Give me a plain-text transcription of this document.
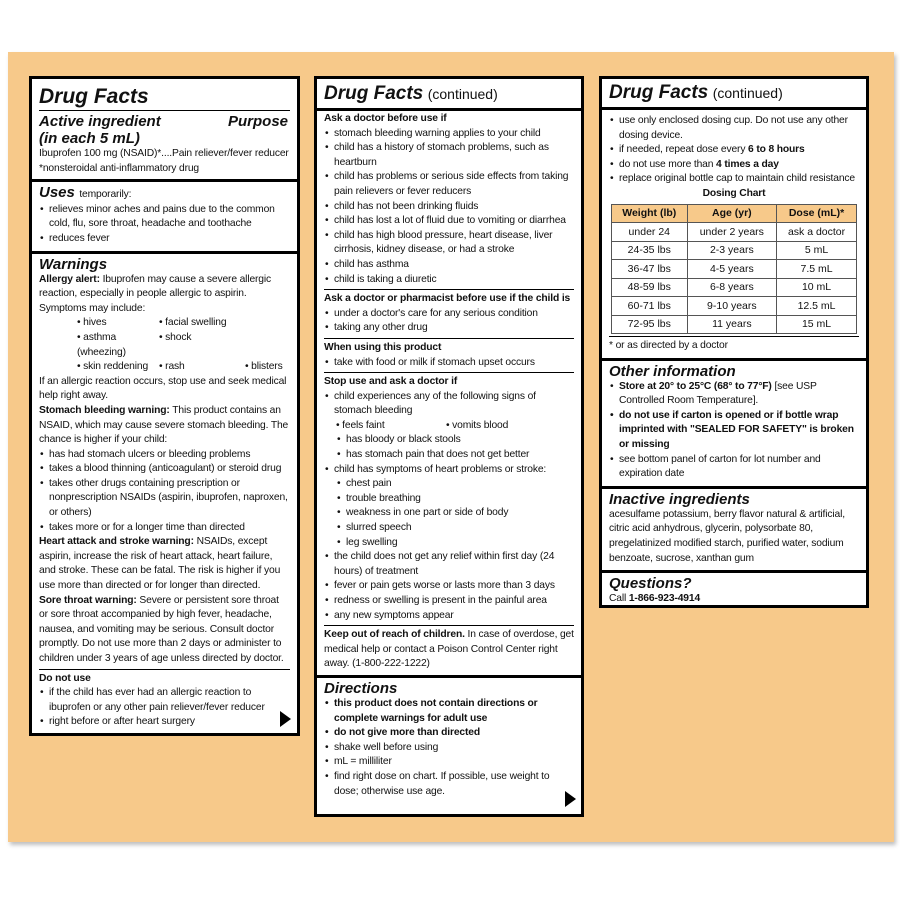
Drug Facts
Active ingredient
(in each 5 mL)
Purpose
Ibuprofen 100 mg (NSAID)*....Pain reliever/fever reducer
*nonsteroidal anti-inflammatory drug
Uses temporarily:
• relieves minor aches and pains due to the common cold, flu, sore throat, headache and toothache
• reduces fever
Warnings
Allergy alert: Ibuprofen may cause a severe allergic reaction, especially in people allergic to aspirin. Symptoms may include:
• hives	• facial swelling
• asthma (wheezing)
• shock
• skin reddening	• rash	• blisters
If an allergic reaction occurs, stop use and seek medical help right away.
Stomach bleeding warning: This product contains an NSAID, which may cause severe stomach bleeding. The chance is higher if your child:
• has had stomach ulcers or bleeding problems
• takes a blood thinning (anticoagulant) or steroid drug
• takes other drugs containing prescription or nonprescription NSAIDs (aspirin, ibuprofen, naproxen, or others)
• takes more or for a longer time than directed
Heart attack and stroke warning: NSAIDs, except aspirin, increase the risk of heart attack, heart failure, and stroke. These can be fatal. The risk is higher if you use more than directed or for longer than directed.
Sore throat warning: Severe or persistent sore throat or sore throat accompanied by high fever, headache, nausea, and vomiting may be serious. Consult doctor promptly. Do not use more than 2 days or administer to children under 3 years of age unless directed by doctor.
Do not use
• if the child has ever had an allergic reaction to ibuprofen or any other pain reliever/fever reducer
• right before or after heart surgery
Drug Facts (continued)
Ask a doctor before use if
• stomach bleeding warning applies to your child
• child has a history of stomach problems, such as heartburn
• child has problems or serious side effects from taking pain relievers or fever reducers
• child has not been drinking fluids
• child has lost a lot of fluid due to vomiting or diarrhea
• child has high blood pressure, heart disease, liver cirrhosis, kidney disease, or had a stroke
• child has asthma
• child is taking a diuretic
Ask a doctor or pharmacist before use if the child is
• under a doctor's care for any serious condition
• taking any other drug
When using this product
• take with food or milk if stomach upset occurs
Stop use and ask a doctor if
• child experiences any of the following signs of stomach bleeding
• feels faint	• vomits blood
• has bloody or black stools
• has stomach pain that does not get better
• child has symptoms of heart problems or stroke:
• chest pain
• trouble breathing
• weakness in one part or side of body
• slurred speech
• leg swelling
• the child does not get any relief within first day (24 hours) of treatment
• fever or pain gets worse or lasts more than 3 days
• redness or swelling is present in the painful area
• any new symptoms appear
Keep out of reach of children. In case of overdose, get medical help or contact a Poison Control Center right away. (1-800-222-1222)
Directions
• this product does not contain directions or complete warnings for adult use
• do not give more than directed
• shake well before using
• mL = milliliter
• find right dose on chart. If possible, use weight to dose; otherwise use age.
Drug Facts (continued)
• use only enclosed dosing cup. Do not use any other dosing device.
• if needed, repeat dose every 6 to 8 hours
• do not use more than 4 times a day
• replace original bottle cap to maintain child resistance
Dosing Chart
Weight (lb)	Age (yr)	Dose (mL)*
under 24	under 2 years	ask a doctor
24-35 lbs	2-3 years	5 mL
36-47 lbs	4-5 years	7.5 mL
48-59 lbs	6-8 years	10 mL
60-71 lbs	9-10 years	12.5 mL
72-95 lbs	11 years	15 mL
* or as directed by a doctor
Other information
• Store at 20° to 25°C (68° to 77°F) [see USP Controlled Room Temperature].
• do not use if carton is opened or if bottle wrap imprinted with "SEALED FOR SAFETY" is broken or missing
• see bottom panel of carton for lot number and expiration date
Inactive ingredients
acesulfame potassium, berry flavor natural & artificial, citric acid anhydrous, glycerin, polysorbate 80, pregelatinized modified starch, purified water, sodium benzoate, sucrose, xanthan gum
Questions?
Call 1-866-923-4914
